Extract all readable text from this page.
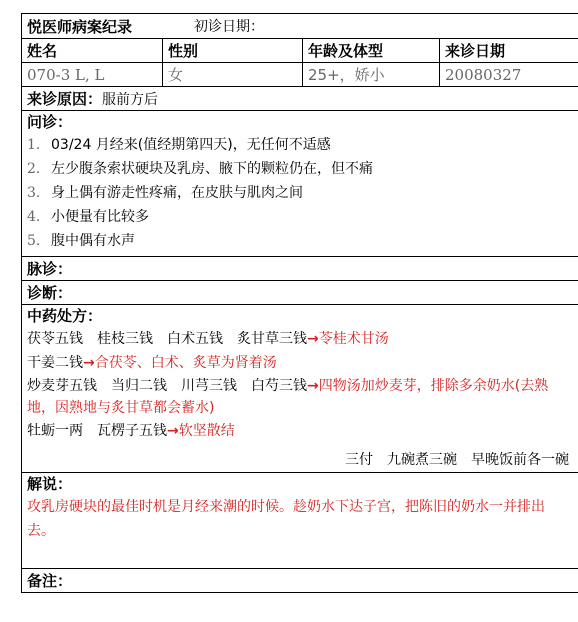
悦医师病案纪录	初诊日期：
姓名	性别	年龄及体型	来诊日期
070-3 L, L	女	25+，娇小	20080327
来诊原因： 服前方后
问诊：
1. 03/24 月经来(值经期第四天)，无任何不适感
2. 左少腹条索状硬块及乳房、腋下的颗粒仍在，但不痛
3. 身上偶有游走性疼痛，在皮肤与肌肉之间
4. 小便量有比较多
5. 腹中偶有水声
脉诊：
诊断：
中药处方：
茯苓五钱　桂枝三钱　白术五钱　炙甘草三钱→苓桂术甘汤
干姜二钱→合茯苓、白术、炙草为肾着汤
炒麦芽五钱　当归二钱　川芎三钱　白芍三钱→四物汤加炒麦芽，排除多余奶水(去熟地，因熟地与炙甘草都会蓄水)
牡蛎一两　瓦楞子五钱→软坚散结
三付　九碗煮三碗　早晚饭前各一碗
解说：
攻乳房硬块的最佳时机是月经来潮的时候。趁奶水下达子宫，把陈旧的奶水一并排出去。
备注：
